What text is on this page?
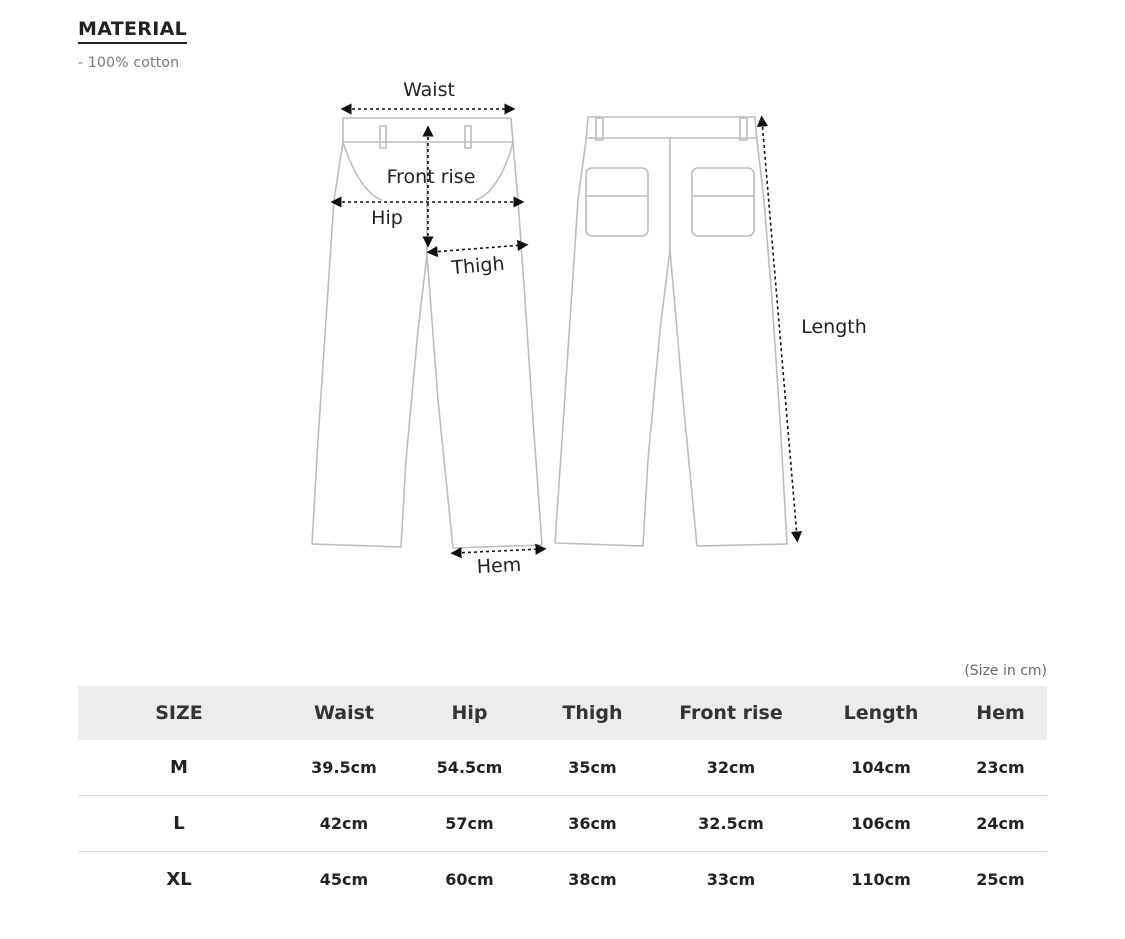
MATERIAL
- 100% cotton
Waist
Front rise
Hip
Thigh
Length
Hem
(Size in cm)
SIZE	Waist	Hip	Thigh	Front rise	Length	Hem
M	39.5cm	54.5cm	35cm	32cm	104cm	23cm
L	42cm	57cm	36cm	32.5cm	106cm	24cm
XL	45cm	60cm	38cm	33cm	110cm	25cm
